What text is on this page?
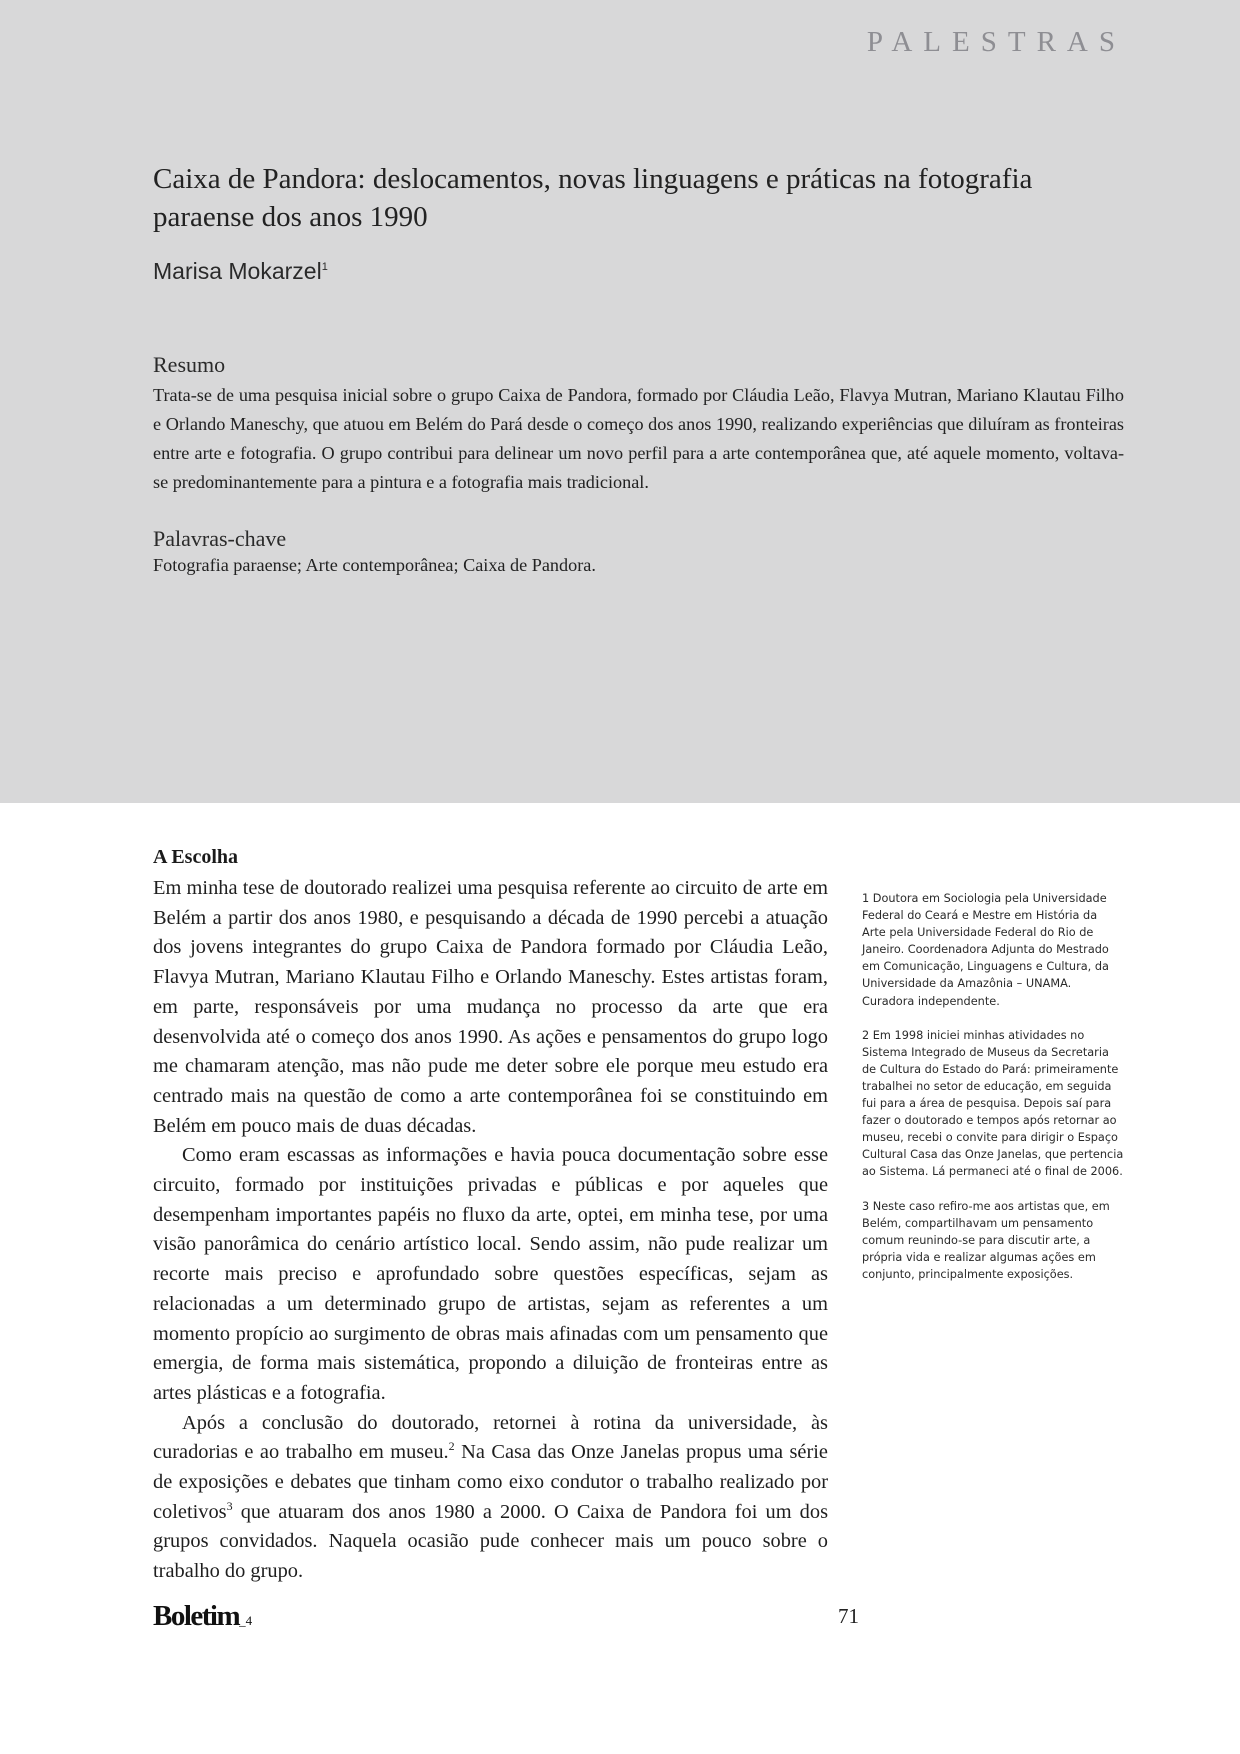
PALESTRAS
Caixa de Pandora: deslocamentos, novas linguagens e práticas na fotografia paraense dos anos 1990
Marisa Mokarzel$^1$
Resumo

Trata-se de uma pesquisa inicial sobre o grupo Caixa de Pandora, formado por Cláudia Leão, Flavya Mutran, Mariano Klautau Filho e Orlando Maneschy, que atuou em Belém do Pará desde o começo dos anos 1990, realizando experiências que diluíram as fronteiras entre arte e fotografia. O grupo contribui para delinear um novo perfil para a arte contemporânea que, até aquele momento, voltava-se predominantemente para a pintura e a fotografia mais tradicional.

Palavras-chave
Fotografia paraense; Arte contemporânea; Caixa de Pandora.
A Escolha

Em minha tese de doutorado realizei uma pesquisa referente ao circuito de arte em Belém a partir dos anos 1980, e pesquisando a década de 1990 percebi a atuação dos jovens integrantes do grupo Caixa de Pandora formado por Cláudia Leão, Flavya Mutran, Mariano Klautau Filho e Orlando Maneschy. Estes artistas foram, em parte, responsáveis por uma mudança no processo da arte que era desenvolvida até o começo dos anos 1990. As ações e pensamentos do grupo logo me chamaram atenção, mas não pude me deter sobre ele porque meu estudo era centrado mais na questão de como a arte contemporânea foi se constituindo em Belém em pouco mais de duas décadas.

Como eram escassas as informações e havia pouca documentação sobre esse circuito, formado por instituições privadas e públicas e por aqueles que desempenham importantes papéis no fluxo da arte, optei, em minha tese, por uma visão panorâmica do cenário artístico local. Sendo assim, não pude realizar um recorte mais preciso e aprofundado sobre questões específicas, sejam as relacionadas a um determinado grupo de artistas, sejam as referentes a um momento propício ao surgimento de obras mais afinadas com um pensamento que emergia, de forma mais sistemática, propondo a diluição de fronteiras entre as artes plásticas e a fotografia.

Após a conclusão do doutorado, retornei à rotina da universidade, às curadorias e ao trabalho em museu.$^2$ Na Casa das Onze Janelas propus uma série de exposições e debates que tinham como eixo condutor o trabalho realizado por coletivos$^3$ que atuaram dos anos 1980 a 2000. O Caixa de Pandora foi um dos grupos convidados. Naquela ocasião pude conhecer mais um pouco sobre o trabalho do grupo.

1 Doutora em Sociologia pela Universidade Federal do Ceará e Mestre em História da Arte pela Universidade Federal do Rio de Janeiro. Coordenadora Adjunta do Mestrado em Comunicação, Linguagens e Cultura, da Universidade da Amazônia – UNAMA. Curadora independente.

2 Em 1998 iniciei minhas atividades no Sistema Integrado de Museus da Secretaria de Cultura do Estado do Pará: primeiramente trabalhei no setor de educação, em seguida fui para a área de pesquisa. Depois saí para fazer o doutorado e tempos após retornar ao museu, recebi o convite para dirigir o Espaço Cultural Casa das Onze Janelas, que pertencia ao Sistema. Lá permaneci até o final de 2006.

3 Neste caso refiro-me aos artistas que, em Belém, compartilhavam um pensamento comum reunindo-se para discutir arte, a própria vida e realizar algumas ações em conjunto, principalmente exposições.

Boletim_4	71
